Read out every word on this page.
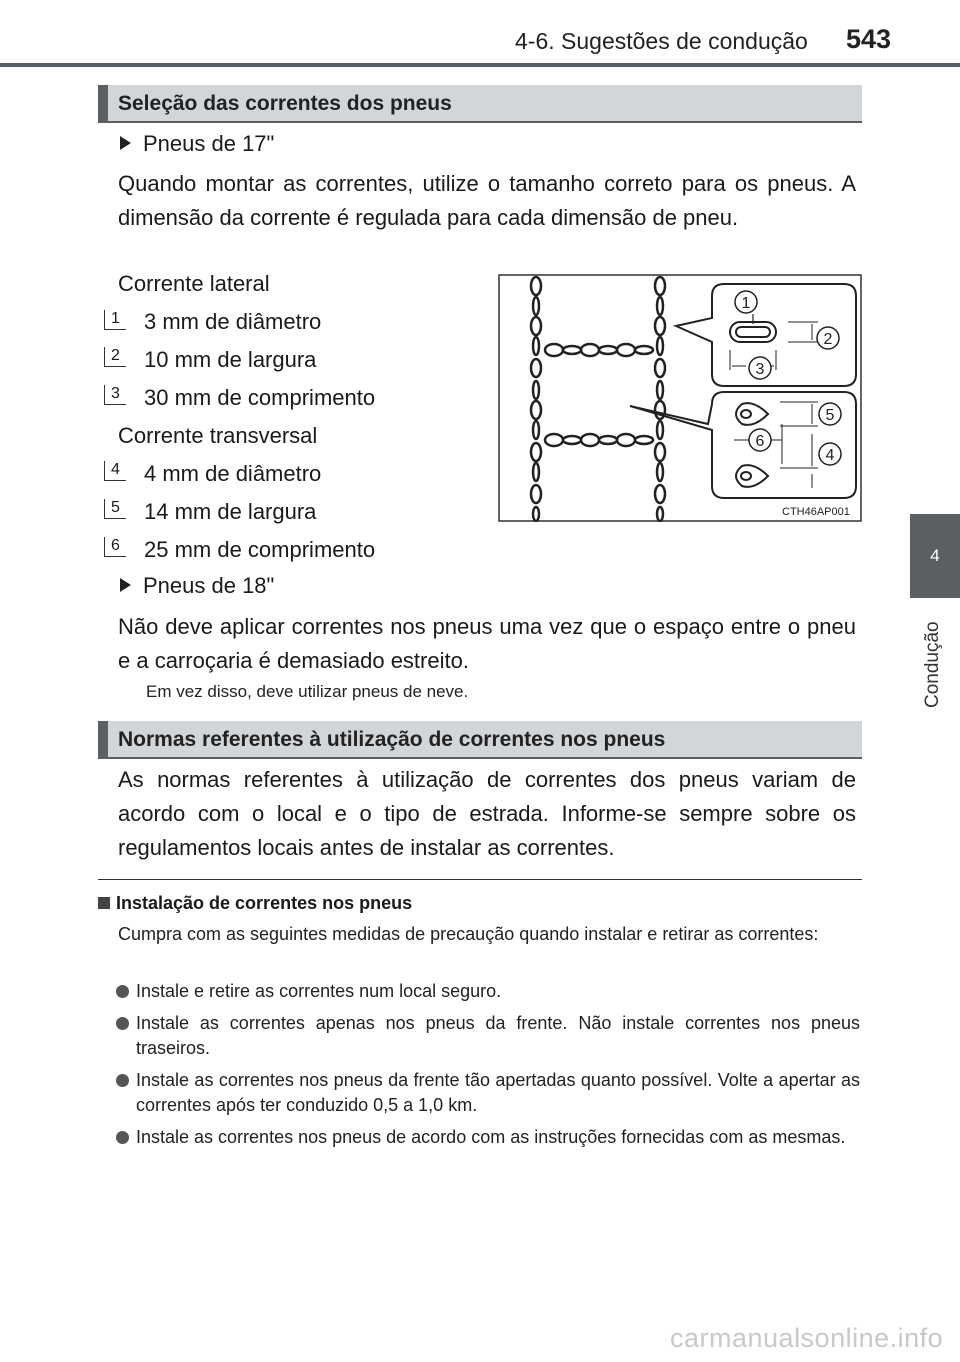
4-6. Sugestões de condução 543
4
Condução
Seleção das correntes dos pneus
Pneus de 17"
Quando montar as correntes, utilize o tamanho correto para os pneus. A dimensão da corrente é regulada para cada dimensão de pneu.
Corrente lateral
1 3 mm de diâmetro
2 10 mm de largura
3 30 mm de comprimento
Corrente transversal
4 4 mm de diâmetro
5 14 mm de largura
6 25 mm de comprimento
1
2
3
4
5
6
CTH46AP001
Pneus de 18"
Não deve aplicar correntes nos pneus uma vez que o espaço entre o pneu e a carroçaria é demasiado estreito.
Em vez disso, deve utilizar pneus de neve.
Normas referentes à utilização de correntes nos pneus
As normas referentes à utilização de correntes dos pneus variam de acordo com o local e o tipo de estrada. Informe-se sempre sobre os regulamentos locais antes de instalar as correntes.
Instalação de correntes nos pneus
Cumpra com as seguintes medidas de precaução quando instalar e retirar as correntes:
Instale e retire as correntes num local seguro.
Instale as correntes apenas nos pneus da frente. Não instale correntes nos pneus traseiros.
Instale as correntes nos pneus da frente tão apertadas quanto possível. Volte a apertar as correntes após ter conduzido 0,5 a 1,0 km.
Instale as correntes nos pneus de acordo com as instruções fornecidas com as mesmas.
carmanualsonline.info
